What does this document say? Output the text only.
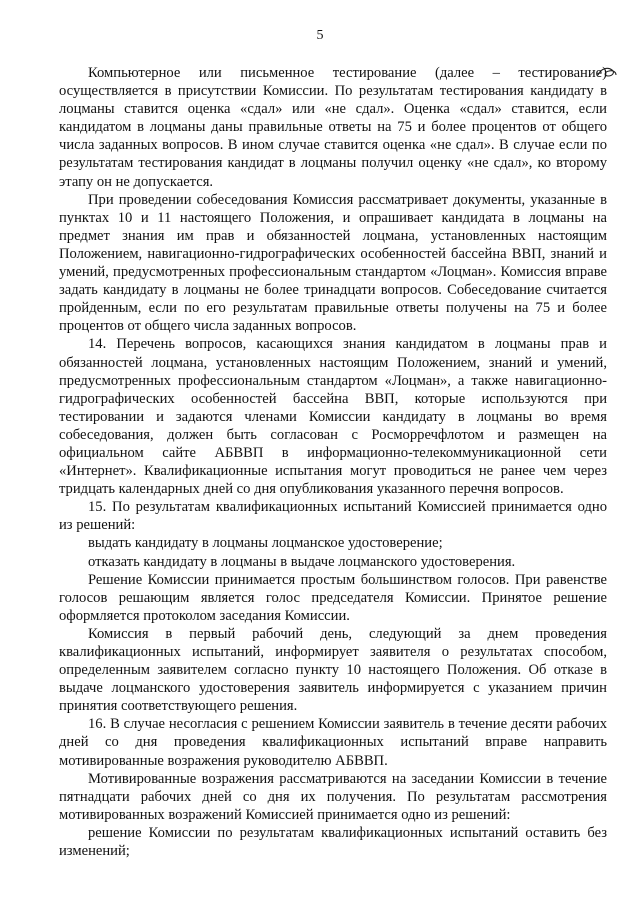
5

Компьютерное или письменное тестирование (далее – тестирование) осуществляется в присутствии Комиссии. По результатам тестирования кандидату в лоцманы ставится оценка «сдал» или «не сдал». Оценка «сдал» ставится, если кандидатом в лоцманы даны правильные ответы на 75 и более процентов от общего числа заданных вопросов. В ином случае ставится оценка «не сдал». В случае если по результатам тестирования кандидат в лоцманы получил оценку «не сдал», ко второму этапу он не допускается.

При проведении собеседования Комиссия рассматривает документы, указанные в пунктах 10 и 11 настоящего Положения, и опрашивает кандидата в лоцманы на предмет знания им прав и обязанностей лоцмана, установленных настоящим Положением, навигационно-гидрографических особенностей бассейна ВВП, знаний и умений, предусмотренных профессиональным стандартом «Лоцман». Комиссия вправе задать кандидату в лоцманы не более тринадцати вопросов. Собеседование считается пройденным, если по его результатам правильные ответы получены на 75 и более процентов от общего числа заданных вопросов.

14. Перечень вопросов, касающихся знания кандидатом в лоцманы прав и обязанностей лоцмана, установленных настоящим Положением, знаний и умений, предусмотренных профессиональным стандартом «Лоцман», а также навигационно-гидрографических особенностей бассейна ВВП, которые используются при тестировании и задаются членами Комиссии кандидату в лоцманы во время собеседования, должен быть согласован с Росморречфлотом и размещен на официальном сайте АБВВП в информационно-телекоммуникационной сети «Интернет». Квалификационные испытания могут проводиться не ранее чем через тридцать календарных дней со дня опубликования указанного перечня вопросов.

15. По результатам квалификационных испытаний Комиссией принимается одно из решений:

выдать кандидату в лоцманы лоцманское удостоверение;

отказать кандидату в лоцманы в выдаче лоцманского удостоверения.

Решение Комиссии принимается простым большинством голосов. При равенстве голосов решающим является голос председателя Комиссии. Принятое решение оформляется протоколом заседания Комиссии.

Комиссия в первый рабочий день, следующий за днем проведения квалификационных испытаний, информирует заявителя о результатах способом, определенным заявителем согласно пункту 10 настоящего Положения. Об отказе в выдаче лоцманского удостоверения заявитель информируется с указанием причин принятия соответствующего решения.

16. В случае несогласия с решением Комиссии заявитель в течение десяти рабочих дней со дня проведения квалификационных испытаний вправе направить мотивированные возражения руководителю АБВВП.

Мотивированные возражения рассматриваются на заседании Комиссии в течение пятнадцати рабочих дней со дня их получения. По результатам рассмотрения мотивированных возражений Комиссией принимается одно из решений:

решение Комиссии по результатам квалификационных испытаний оставить без изменений;
